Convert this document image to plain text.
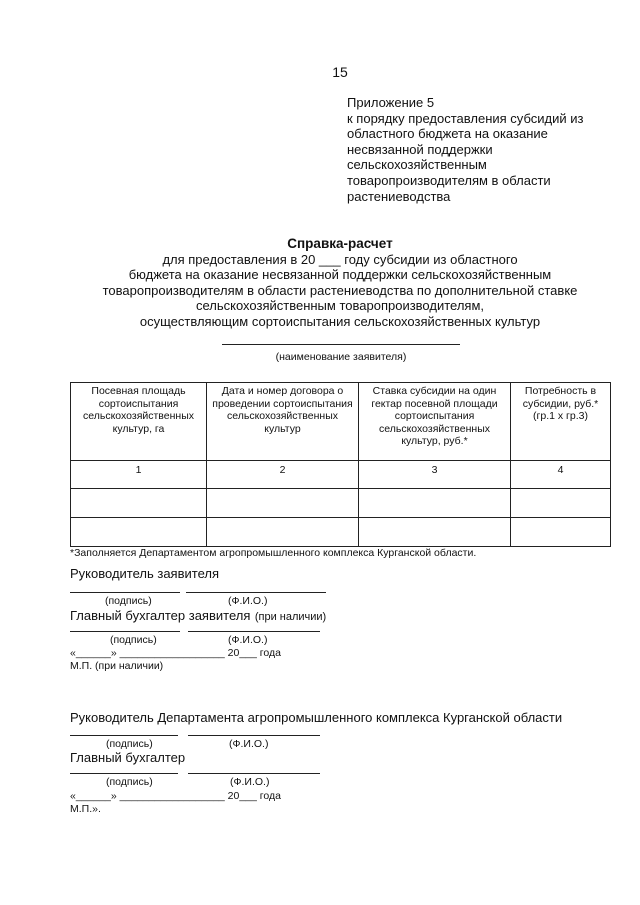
15
Приложение 5
к порядку предоставления субсидий из
областного бюджета на оказание
несвязанной поддержки
сельскохозяйственным
товаропроизводителям в области
растениеводства
Справка-расчет
для предоставления в 20 ___ году субсидии из областного
бюджета на оказание несвязанной поддержки сельскохозяйственным
товаропроизводителям в области растениеводства по дополнительной ставке
сельскохозяйственным товаропроизводителям,
осуществляющим сортоиспытания сельскохозяйственных культур
(наименование заявителя)
Посевная площадь сортоиспытания сельскохозяйственных культур, га	Дата и номер договора о проведении сортоиспытания сельскохозяйственных культур	Ставка субсидии на один гектар посевной площади сортоиспытания сельскохозяйственных культур, руб.*	Потребность в субсидии, руб.* (гр.1 х гр.3)
1	2	3	4

*Заполняется Департаментом агропромышленного комплекса Курганской области.
Руководитель заявителя
(подпись)	(Ф.И.О.)
Главный бухгалтер заявителя (при наличии)
(подпись)	(Ф.И.О.)
«______» __________________ 20___ года
М.П. (при наличии)
Руководитель Департамента агропромышленного комплекса Курганской области
(подпись)	(Ф.И.О.)
Главный бухгалтер
(подпись)	(Ф.И.О.)
«______» __________________ 20___ года
М.П.».
